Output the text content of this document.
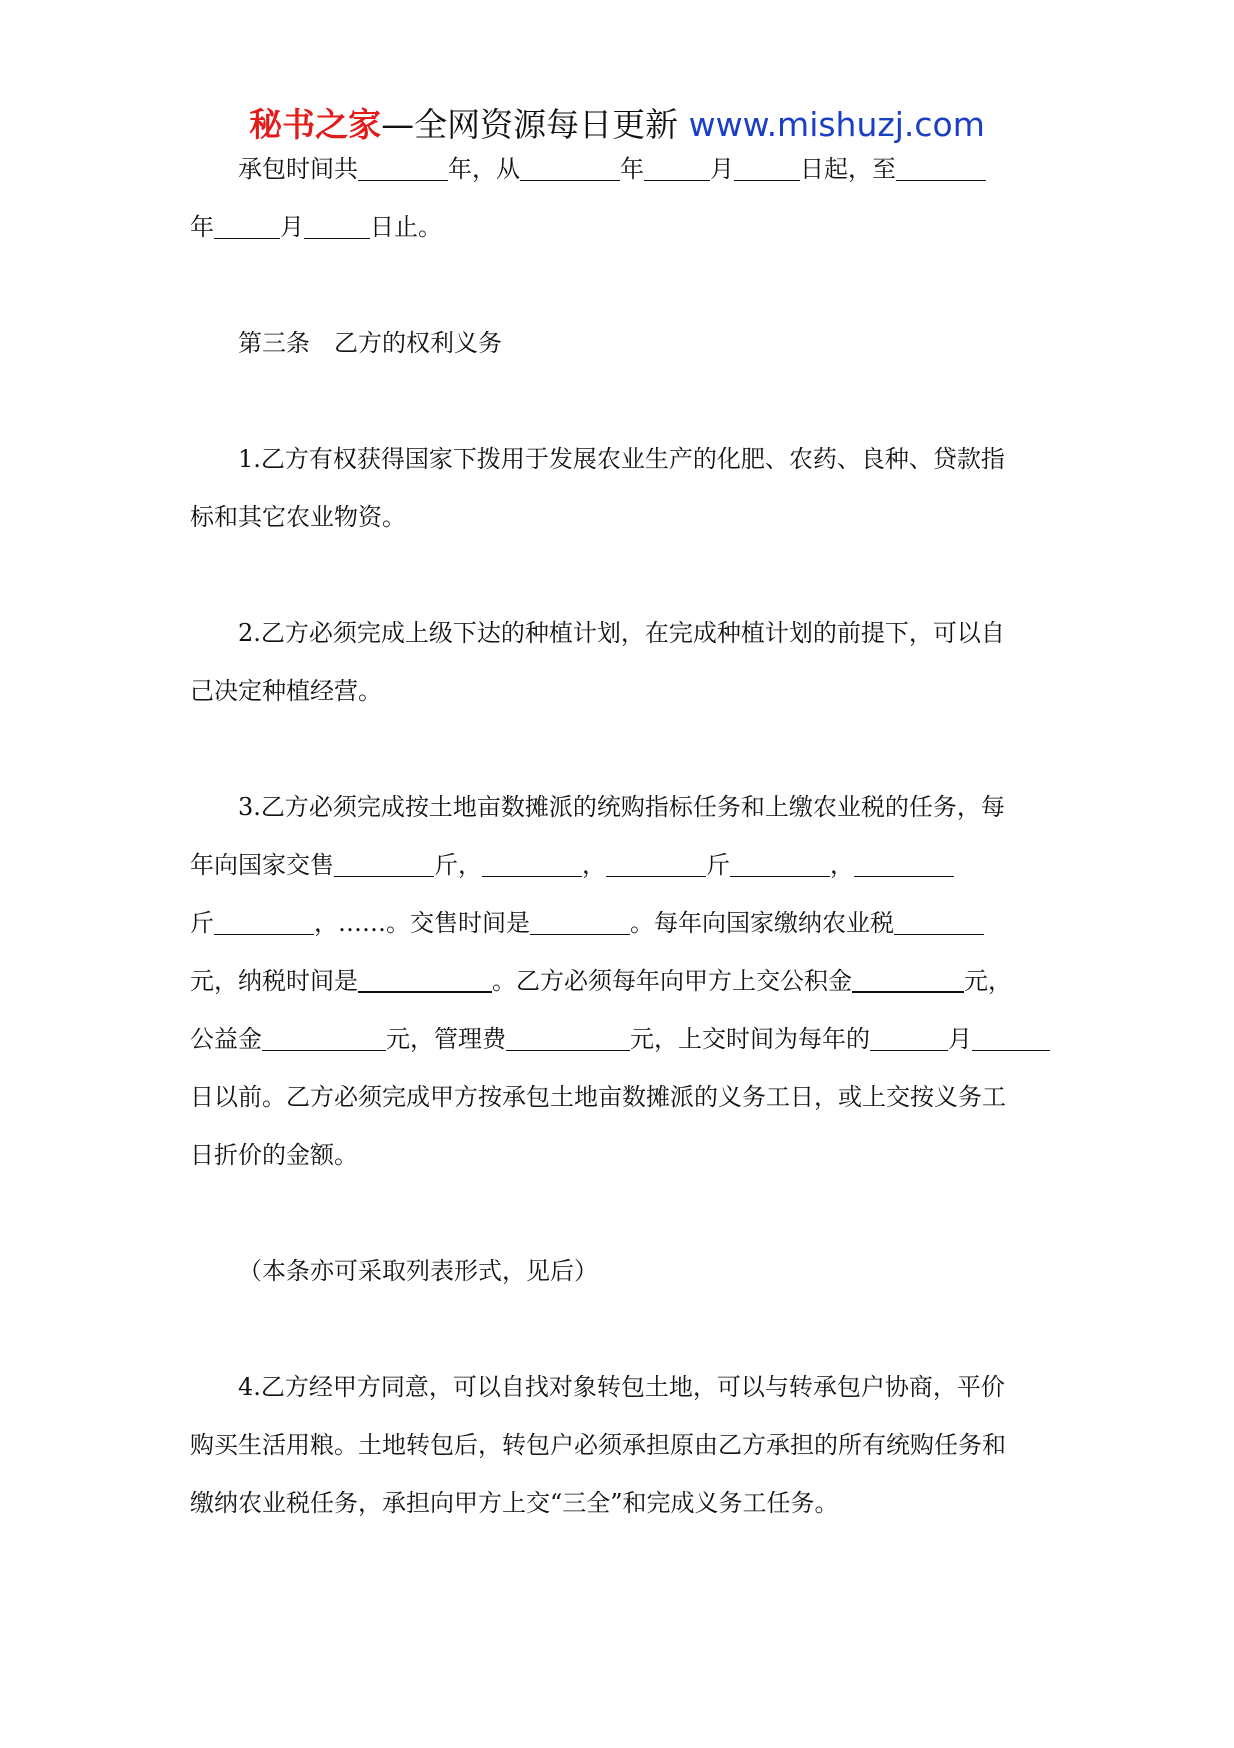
秘书之家—全网资源每日更新 www.mishuzj.com

承包时间共	年，从	年	月	日起，至

年	月	日止。

第三条 乙方的权利义务

1.乙方有权获得国家下拨用于发展农业生产的化肥、农药、良种、贷款指

标和其它农业物资。

2.乙方必须完成上级下达的种植计划，在完成种植计划的前提下，可以自

己决定种植经营。

3.乙方必须完成按土地亩数摊派的统购指标任务和上缴农业税的任务，每

年向国家交售	斤，	，	斤	，

斤	，……。交售时间是	。每年向国家缴纳农业税

元，纳税时间是	。乙方必须每年向甲方上交公积金	元，

公益金	元，管理费	元，上交时间为每年的	月

日以前。乙方必须完成甲方按承包土地亩数摊派的义务工日，或上交按义务工

日折价的金额。

（本条亦可采取列表形式，见后）

4.乙方经甲方同意，可以自找对象转包土地，可以与转承包户协商，平价

购买生活用粮。土地转包后，转包户必须承担原由乙方承担的所有统购任务和

缴纳农业税任务，承担向甲方上交“三全”和完成义务工任务。
